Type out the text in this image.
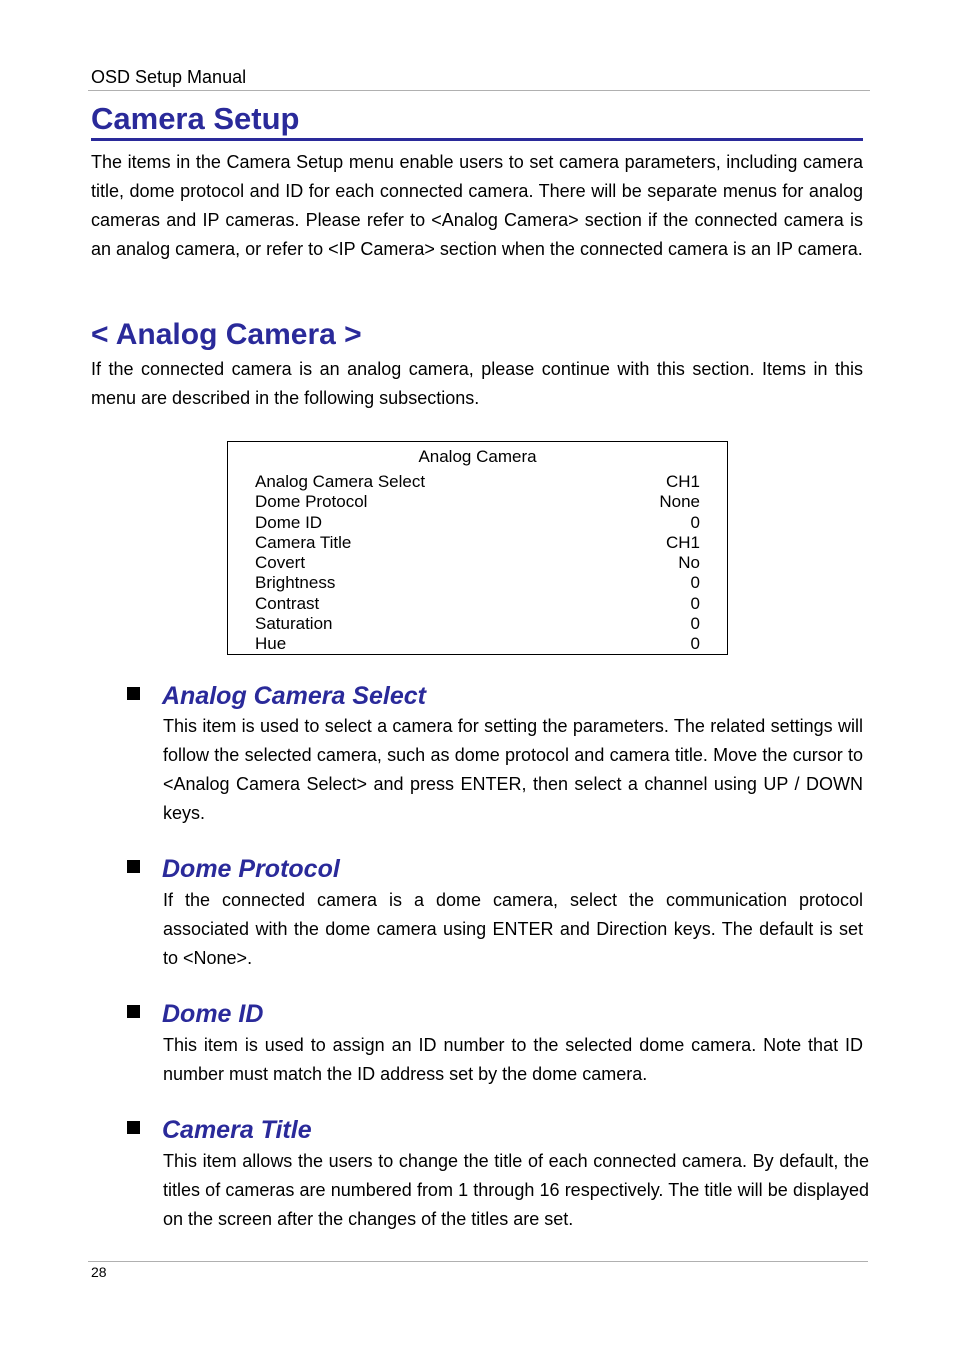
OSD Setup Manual
Camera Setup
The items in the Camera Setup menu enable users to set camera parameters, including camera title, dome protocol and ID for each connected camera. There will be separate menus for analog cameras and IP cameras. Please refer to <Analog Camera> section if the connected camera is an analog camera, or refer to <IP Camera> section when the connected camera is an IP camera.
< Analog Camera >
If the connected camera is an analog camera, please continue with this section. Items in this menu are described in the following subsections.
Analog Camera
Analog Camera Select	CH1
Dome Protocol	None
Dome ID	0
Camera Title	CH1
Covert	No
Brightness	0
Contrast	0
Saturation	0
Hue	0
Analog Camera Select
This item is used to select a camera for setting the parameters. The related settings will follow the selected camera, such as dome protocol and camera title. Move the cursor to <Analog Camera Select> and press ENTER, then select a channel using UP / DOWN keys.
Dome Protocol
If the connected camera is a dome camera, select the communication protocol associated with the dome camera using ENTER and Direction keys. The default is set to <None>.
Dome ID
This item is used to assign an ID number to the selected dome camera. Note that ID number must match the ID address set by the dome camera.
Camera Title
This item allows the users to change the title of each connected camera. By default, the titles of cameras are numbered from 1 through 16 respectively. The title will be displayed on the screen after the changes of the titles are set.
28
